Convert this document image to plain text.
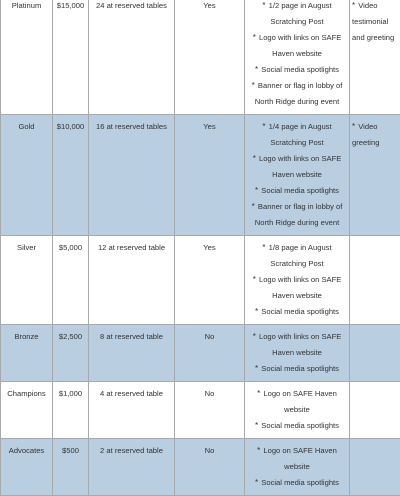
Platinum	$15,000	24 at reserved tables	Yes	* 1/2 page in August Scratching Post
* Logo with links on SAFE Haven website
* Social media spotlights
* Banner or flag in lobby of North Ridge during event	* Video testimonial and greeting

Gold	$10,000	16 at reserved tables	Yes	* 1/4 page in August Scratching Post
* Logo with links on SAFE Haven website
* Social media spotlights
* Banner or flag in lobby of North Ridge during event	* Video greeting

Silver	$5,000	12 at reserved table	Yes	* 1/8 page in August Scratching Post
* Logo with links on SAFE Haven website
* Social media spotlights	

Bronze	$2,500	8 at reserved table	No	* Logo with links on SAFE Haven website
* Social media spotlights	

Champions	$1,000	4 at reserved table	No	* Logo on SAFE Haven website
* Social media spotlights	

Advocates	$500	2 at reserved table	No	* Logo on SAFE Haven website
* Social media spotlights	
